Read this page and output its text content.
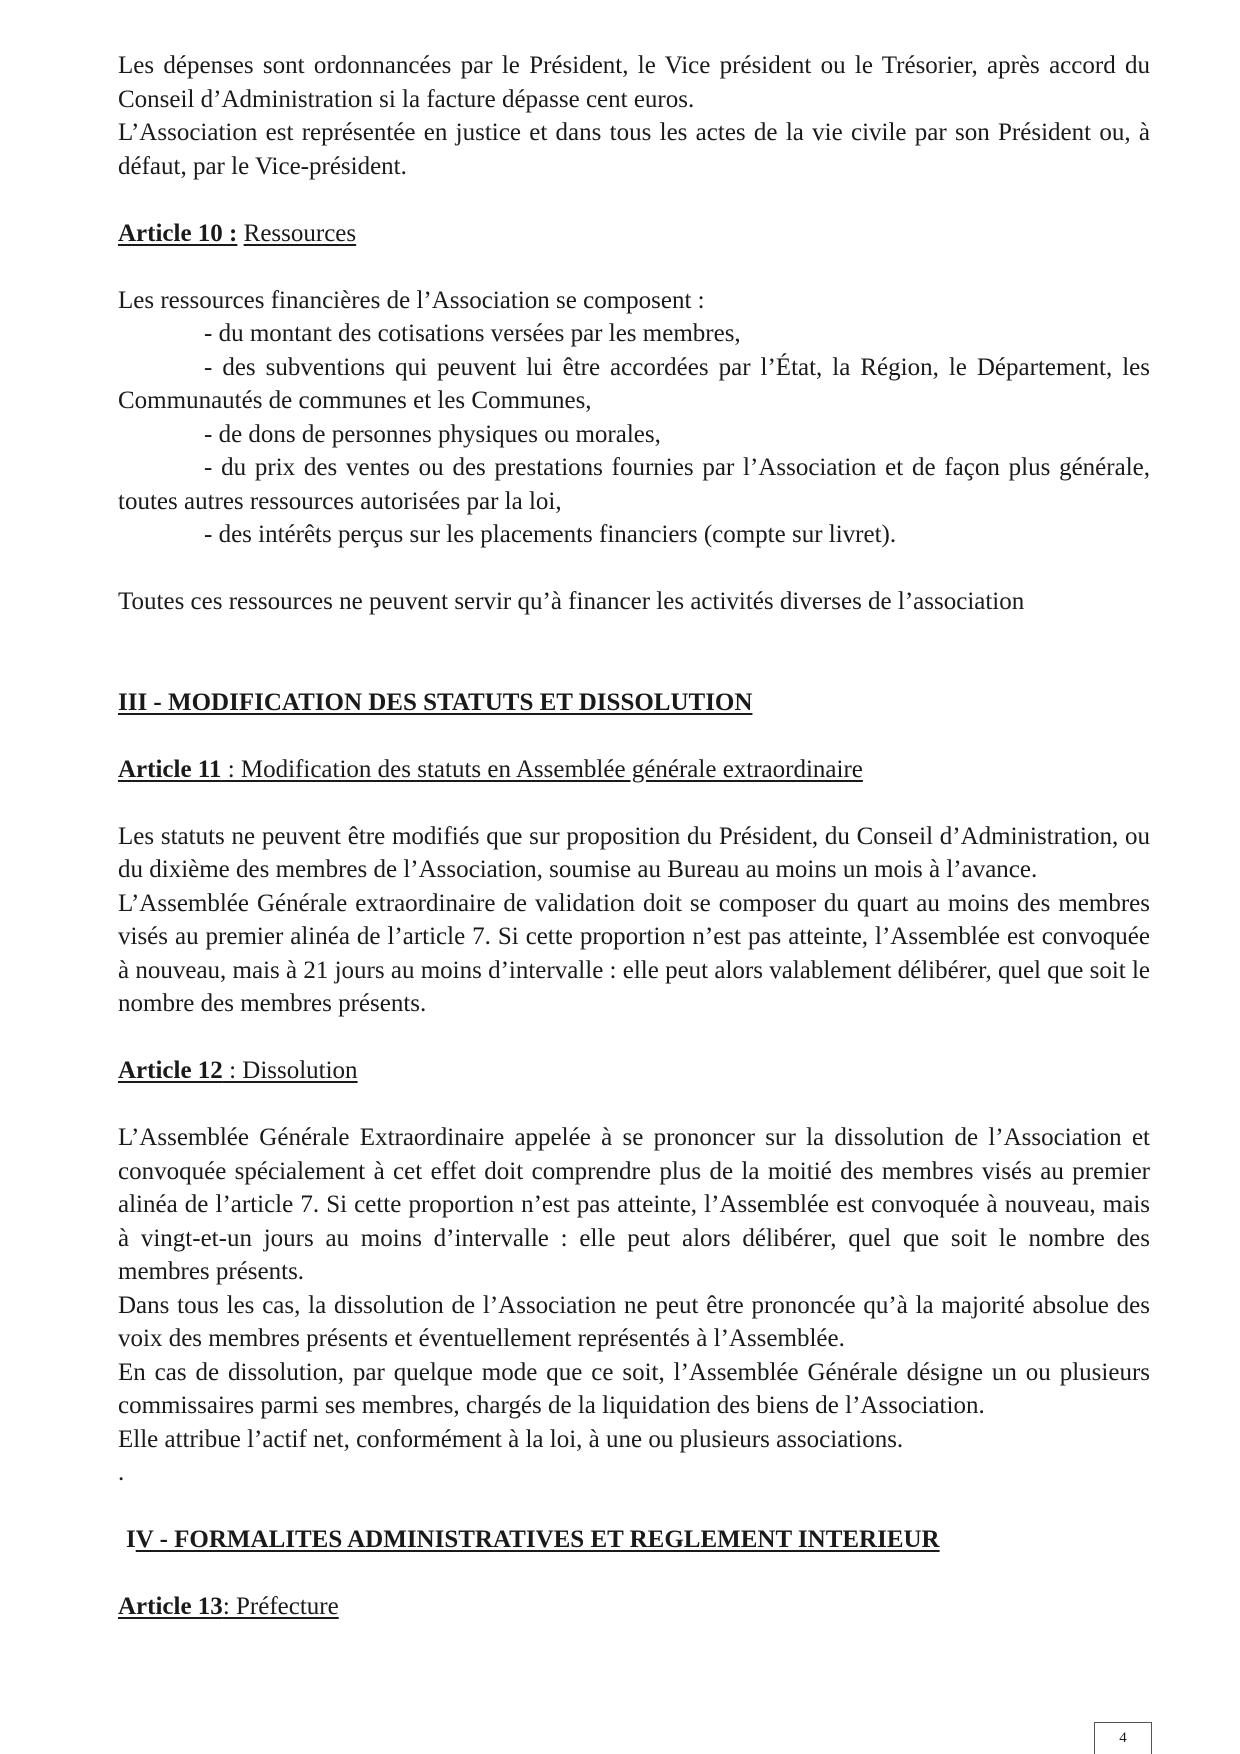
Les dépenses sont ordonnancées par le Président, le Vice président ou le Trésorier, après accord du Conseil d’Administration si la facture dépasse cent euros.

L’Association est représentée en justice et dans tous les actes de la vie civile par son Président ou, à défaut, par le Vice-président.

Article 10 : Ressources

Les ressources financières de l’Association se composent :

- du montant des cotisations versées par les membres,

- des subventions qui peuvent lui être accordées par l’État, la Région, le Département, les Communautés de communes et les Communes,

- de dons de personnes physiques ou morales,

- du prix des ventes ou des prestations fournies par l’Association et de façon plus générale, toutes autres ressources autorisées par la loi,

- des intérêts perçus sur les placements financiers (compte sur livret).

Toutes ces ressources ne peuvent servir qu’à financer les activités diverses de l’association

III - MODIFICATION DES STATUTS ET DISSOLUTION

Article 11 : Modification des statuts en Assemblée générale extraordinaire

Les statuts ne peuvent être modifiés que sur proposition du Président, du Conseil d’Administration, ou du dixième des membres de l’Association, soumise au Bureau au moins un mois à l’avance.

L’Assemblée Générale extraordinaire de validation doit se composer du quart au moins des membres visés au premier alinéa de l’article 7. Si cette proportion n’est pas atteinte, l’Assemblée est convoquée à nouveau, mais à 21 jours au moins d’intervalle : elle peut alors valablement délibérer, quel que soit le nombre des membres présents.

Article 12 : Dissolution

L’Assemblée Générale Extraordinaire appelée à se prononcer sur la dissolution de l’Association et convoquée spécialement à cet effet doit comprendre plus de la moitié des membres visés au premier alinéa de l’article 7. Si cette proportion n’est pas atteinte, l’Assemblée est convoquée à nouveau, mais à vingt-et-un jours au moins d’intervalle : elle peut alors délibérer, quel que soit le nombre des membres présents.

Dans tous les cas, la dissolution de l’Association ne peut être prononcée qu’à la majorité absolue des voix des membres présents et éventuellement représentés à l’Assemblée.

En cas de dissolution, par quelque mode que ce soit, l’Assemblée Générale désigne un ou plusieurs commissaires parmi ses membres, chargés de la liquidation des biens de l’Association.

Elle attribue l’actif net, conformément à la loi, à une ou plusieurs associations.

.

IV - FORMALITES ADMINISTRATIVES ET REGLEMENT INTERIEUR

Article 13: Préfecture

4
